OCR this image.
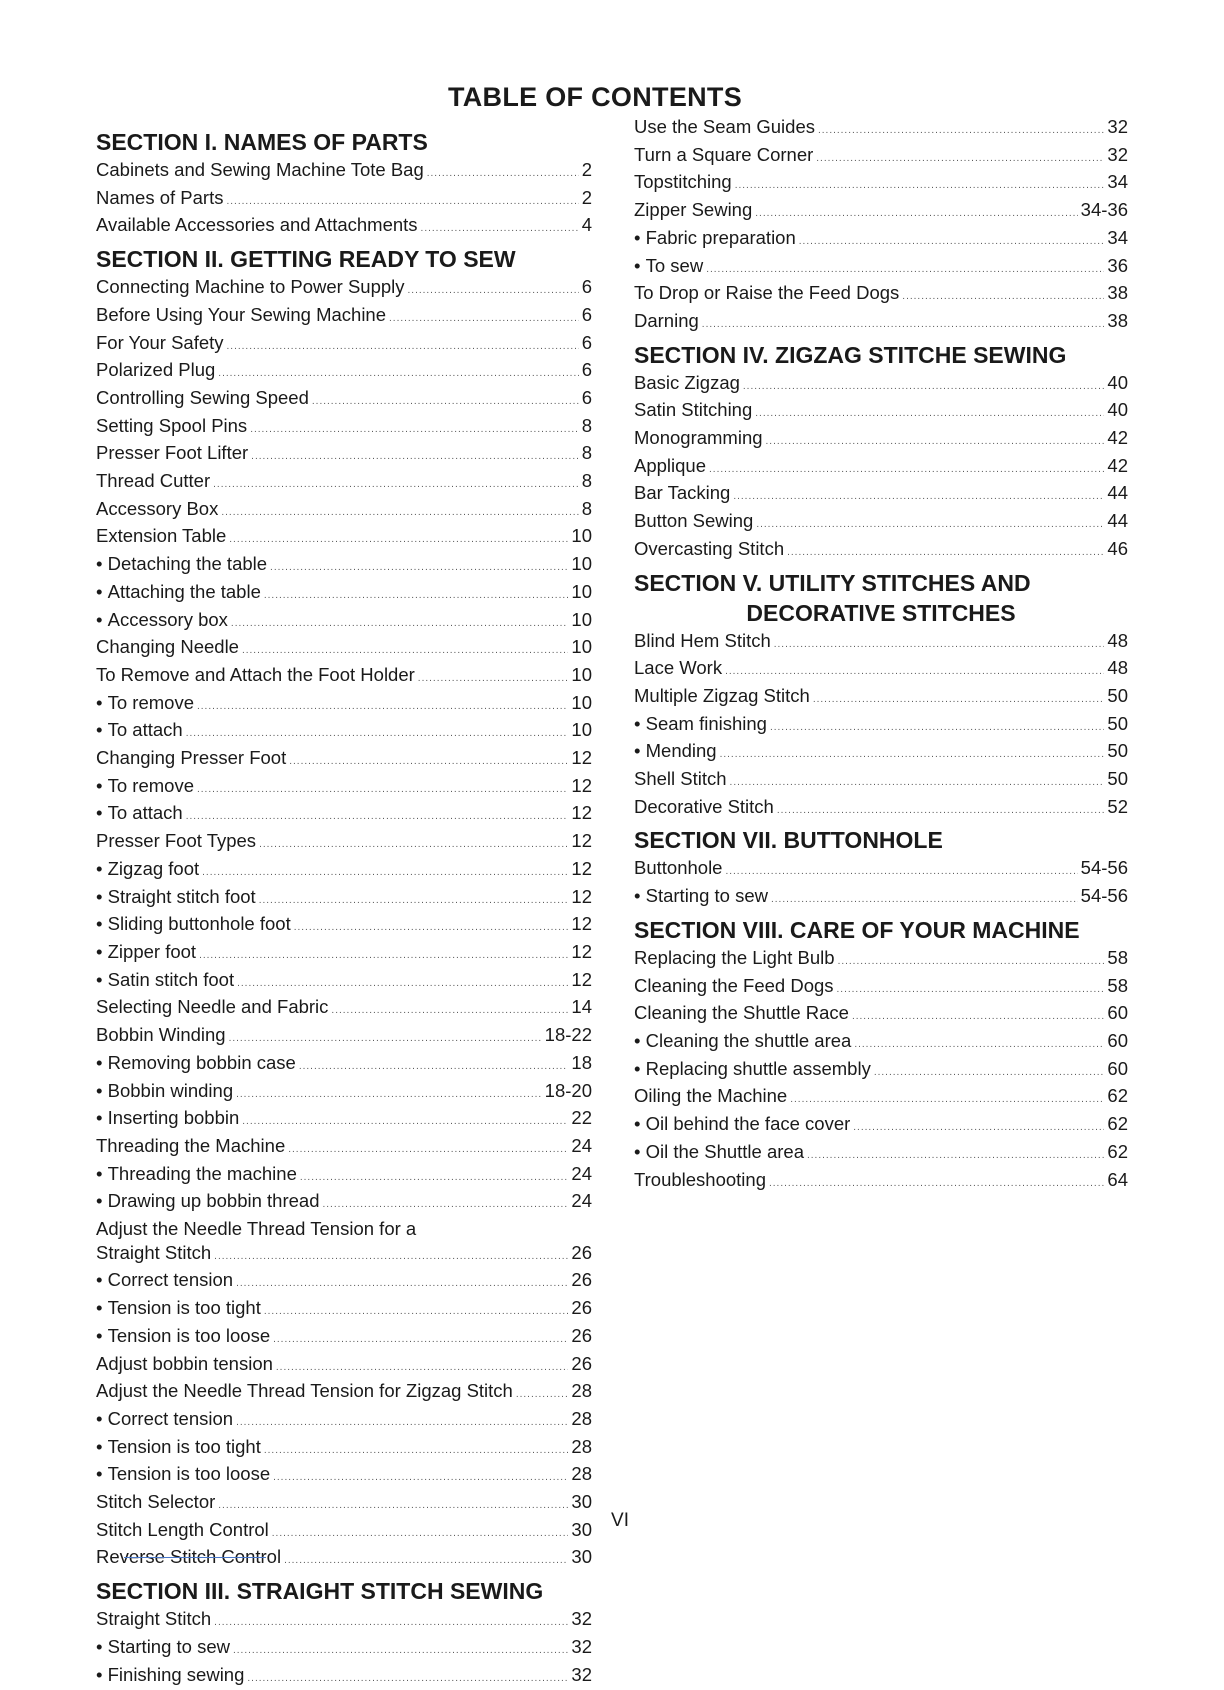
TABLE OF CONTENTS
SECTION I. NAMES OF PARTS
Cabinets and Sewing Machine Tote Bag .....	2
Names of Parts .....	2
Available Accessories and Attachments .....	4
SECTION II. GETTING READY TO SEW
Connecting Machine to Power Supply .....	6
Before Using Your Sewing Machine .....	6
For Your Safety .....	6
Polarized Plug .....	6
Controlling Sewing Speed .....	6
Setting Spool Pins .....	8
Presser Foot Lifter .....	8
Thread Cutter .....	8
Accessory Box .....	8
Extension Table .....	10
• Detaching the table .....	10
• Attaching the table .....	10
• Accessory box .....	10
Changing Needle .....	10
To Remove and Attach the Foot Holder .....	10
• To remove .....	10
• To attach .....	10
Changing Presser Foot .....	12
• To remove .....	12
• To attach .....	12
Presser Foot Types .....	12
• Zigzag foot .....	12
• Straight stitch foot .....	12
• Sliding buttonhole foot .....	12
• Zipper foot .....	12
• Satin stitch foot .....	12
Selecting Needle and Fabric .....	14
Bobbin Winding .....	18-22
• Removing bobbin case .....	18
• Bobbin winding .....	18-20
• Inserting bobbin .....	22
Threading the Machine .....	24
• Threading the machine .....	24
• Drawing up bobbin thread .....	24
Adjust the Needle Thread Tension for a
Straight Stitch .....	26
• Correct tension .....	26
• Tension is too tight .....	26
• Tension is too loose .....	26
Adjust bobbin tension .....	26
Adjust the Needle Thread Tension for Zigzag Stitch .....	28
• Correct tension .....	28
• Tension is too tight .....	28
• Tension is too loose .....	28
Stitch Selector .....	30
Stitch Length Control .....	30
Reverse Stitch Control .....	30
SECTION III. STRAIGHT STITCH SEWING
Straight Stitch .....	32
• Starting to sew .....	32
• Finishing sewing .....	32
Use the Seam Guides .....	32
Turn a Square Corner .....	32
Topstitching .....	34
Zipper Sewing .....	34-36
• Fabric preparation .....	34
• To sew .....	36
To Drop or Raise the Feed Dogs .....	38
Darning .....	38
SECTION IV. ZIGZAG STITCHE SEWING
Basic Zigzag .....	40
Satin Stitching .....	40
Monogramming .....	42
Applique .....	42
Bar Tacking .....	44
Button Sewing .....	44
Overcasting Stitch .....	46
SECTION V. UTILITY STITCHES AND
DECORATIVE STITCHES
Blind Hem Stitch .....	48
Lace Work .....	48
Multiple Zigzag Stitch .....	50
• Seam finishing .....	50
• Mending .....	50
Shell Stitch .....	50
Decorative Stitch .....	52
SECTION VII. BUTTONHOLE
Buttonhole .....	54-56
• Starting to sew .....	54-56
SECTION VIII. CARE OF YOUR MACHINE
Replacing the Light Bulb .....	58
Cleaning the Feed Dogs .....	58
Cleaning the Shuttle Race .....	60
• Cleaning the shuttle area .....	60
• Replacing shuttle assembly .....	60
Oiling the Machine .....	62
• Oil behind the face cover .....	62
• Oil the Shuttle area .....	62
Troubleshooting .....	64
VI
